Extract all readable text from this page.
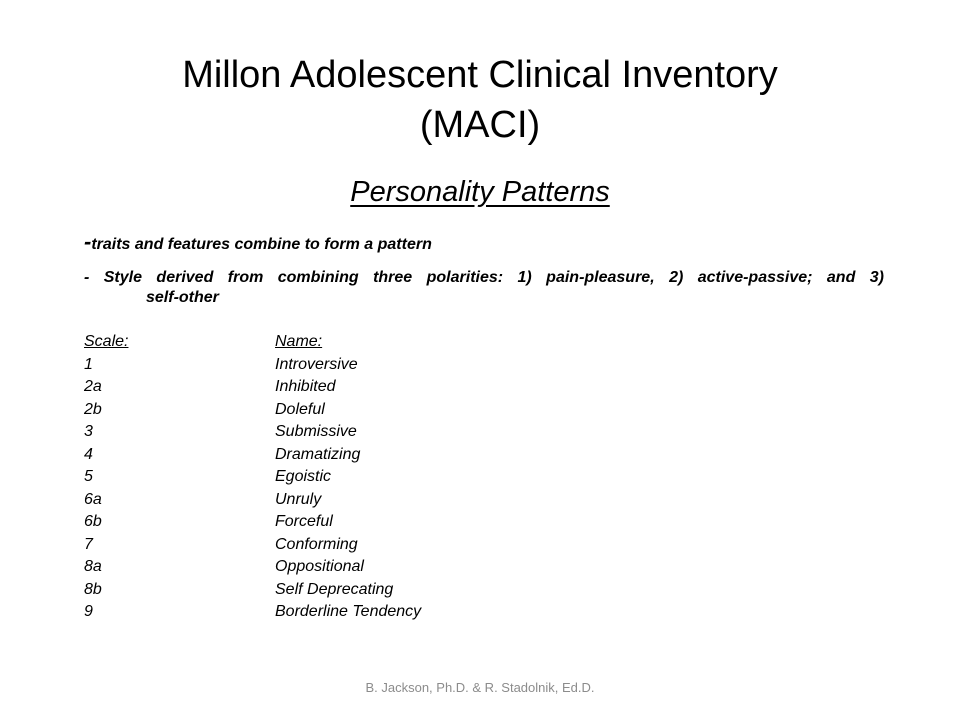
Millon Adolescent Clinical Inventory
(MACI)
Personality Patterns
-traits and features combine to form a pattern
- Style derived from combining three polarities: 1) pain-pleasure, 2) active-passive; and 3)
self-other
Scale:	Name:
1	Introversive
2a	Inhibited
2b	Doleful
3	Submissive
4	Dramatizing
5	Egoistic
6a	Unruly
6b	Forceful
7	Conforming
8a	Oppositional
8b	Self Deprecating
9	Borderline Tendency
B. Jackson, Ph.D. & R. Stadolnik, Ed.D.
